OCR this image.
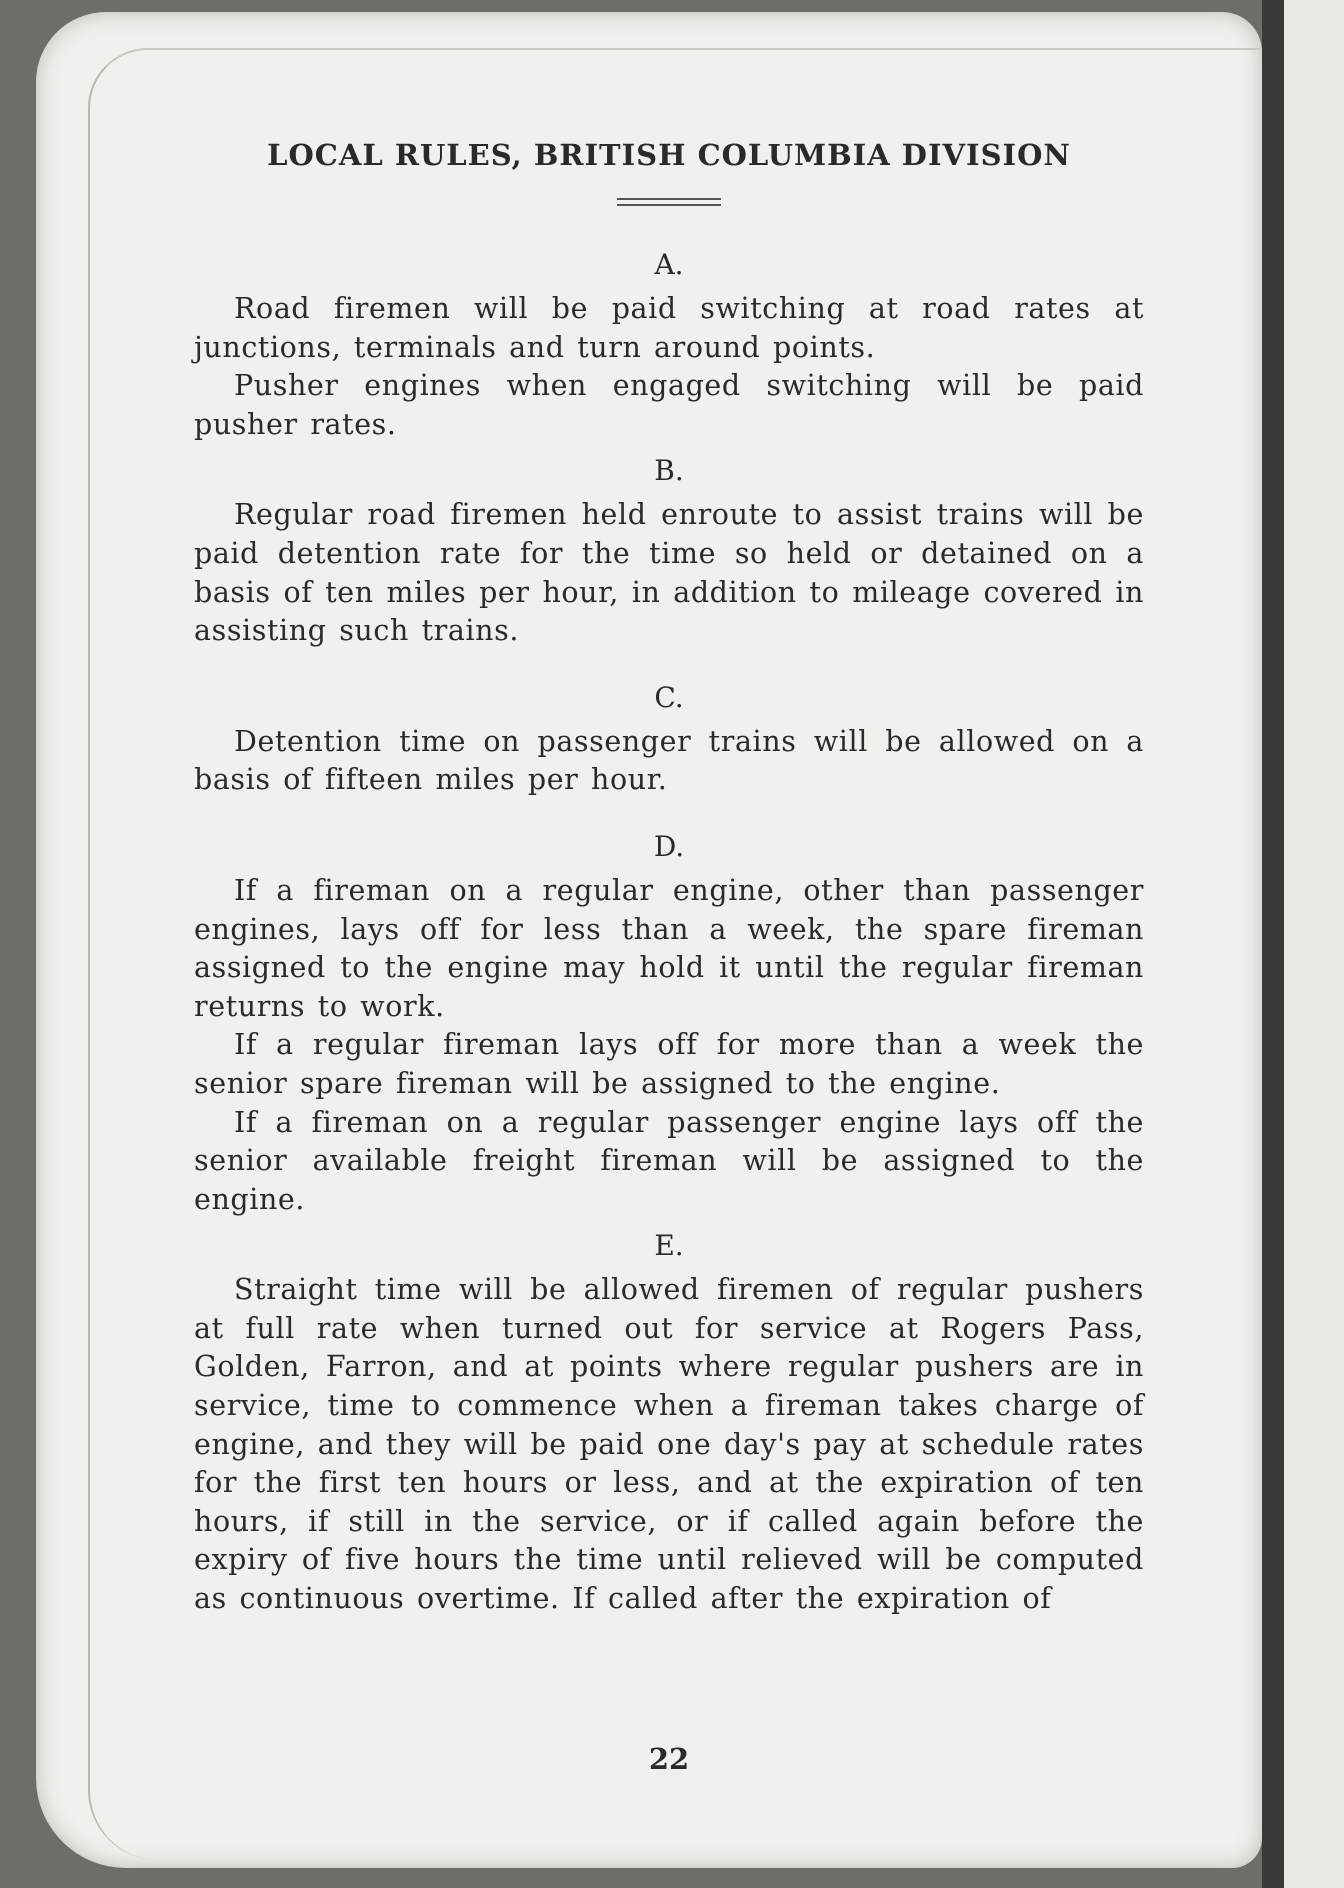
LOCAL RULES, BRITISH COLUMBIA DIVISION
A.

Road firemen will be paid switching at road rates at junctions, terminals and turn around points.

Pusher engines when engaged switching will be paid pusher rates.

B.

Regular road firemen held enroute to assist trains will be paid detention rate for the time so held or detained on a basis of ten miles per hour, in addition to mileage covered in assisting such trains.

C.

Detention time on passenger trains will be allowed on a basis of fifteen miles per hour.

D.

If a fireman on a regular engine, other than passenger engines, lays off for less than a week, the spare fireman assigned to the engine may hold it until the regular fireman returns to work.

If a regular fireman lays off for more than a week the senior spare fireman will be assigned to the engine.

If a fireman on a regular passenger engine lays off the senior available freight fireman will be assigned to the engine.

E.

Straight time will be allowed firemen of regular pushers at full rate when turned out for service at Rogers Pass, Golden, Farron, and at points where regular pushers are in service, time to commence when a fireman takes charge of engine, and they will be paid one day's pay at schedule rates for the first ten hours or less, and at the expiration of ten hours, if still in the service, or if called again before the expiry of five hours the time until relieved will be computed as continuous overtime. If called after the expiration of

22
